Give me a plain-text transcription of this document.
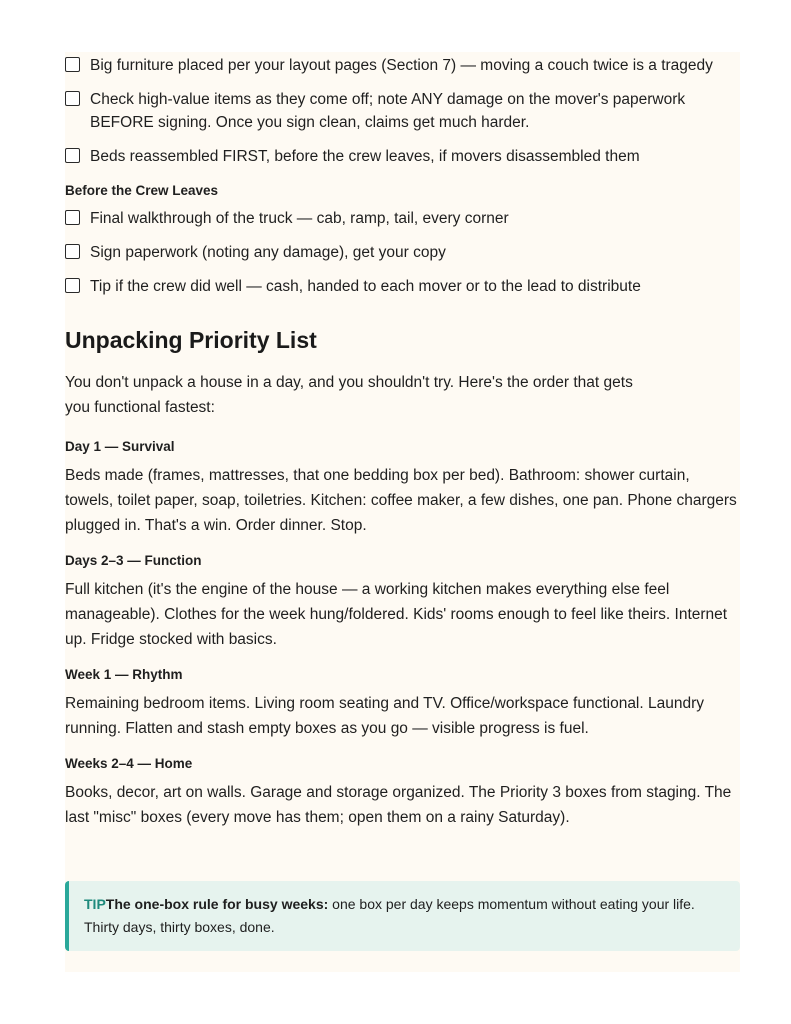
Big furniture placed per your layout pages (Section 7) — moving a couch twice is a tragedy
Check high-value items as they come off; note ANY damage on the mover's paperwork BEFORE signing. Once you sign clean, claims get much harder.
Beds reassembled FIRST, before the crew leaves, if movers disassembled them
Before the Crew Leaves
Final walkthrough of the truck — cab, ramp, tail, every corner
Sign paperwork (noting any damage), get your copy
Tip if the crew did well — cash, handed to each mover or to the lead to distribute
Unpacking Priority List
You don't unpack a house in a day, and you shouldn't try. Here's the order that gets you functional fastest:
Day 1 — Survival
Beds made (frames, mattresses, that one bedding box per bed). Bathroom: shower curtain, towels, toilet paper, soap, toiletries. Kitchen: coffee maker, a few dishes, one pan. Phone chargers plugged in. That's a win. Order dinner. Stop.
Days 2–3 — Function
Full kitchen (it's the engine of the house — a working kitchen makes everything else feel manageable). Clothes for the week hung/foldered. Kids' rooms enough to feel like theirs. Internet up. Fridge stocked with basics.
Week 1 — Rhythm
Remaining bedroom items. Living room seating and TV. Office/workspace functional. Laundry running. Flatten and stash empty boxes as you go — visible progress is fuel.
Weeks 2–4 — Home
Books, decor, art on walls. Garage and storage organized. The Priority 3 boxes from staging. The last "misc" boxes (every move has them; open them on a rainy Saturday).
TIPThe one-box rule for busy weeks: one box per day keeps momentum without eating your life. Thirty days, thirty boxes, done.
